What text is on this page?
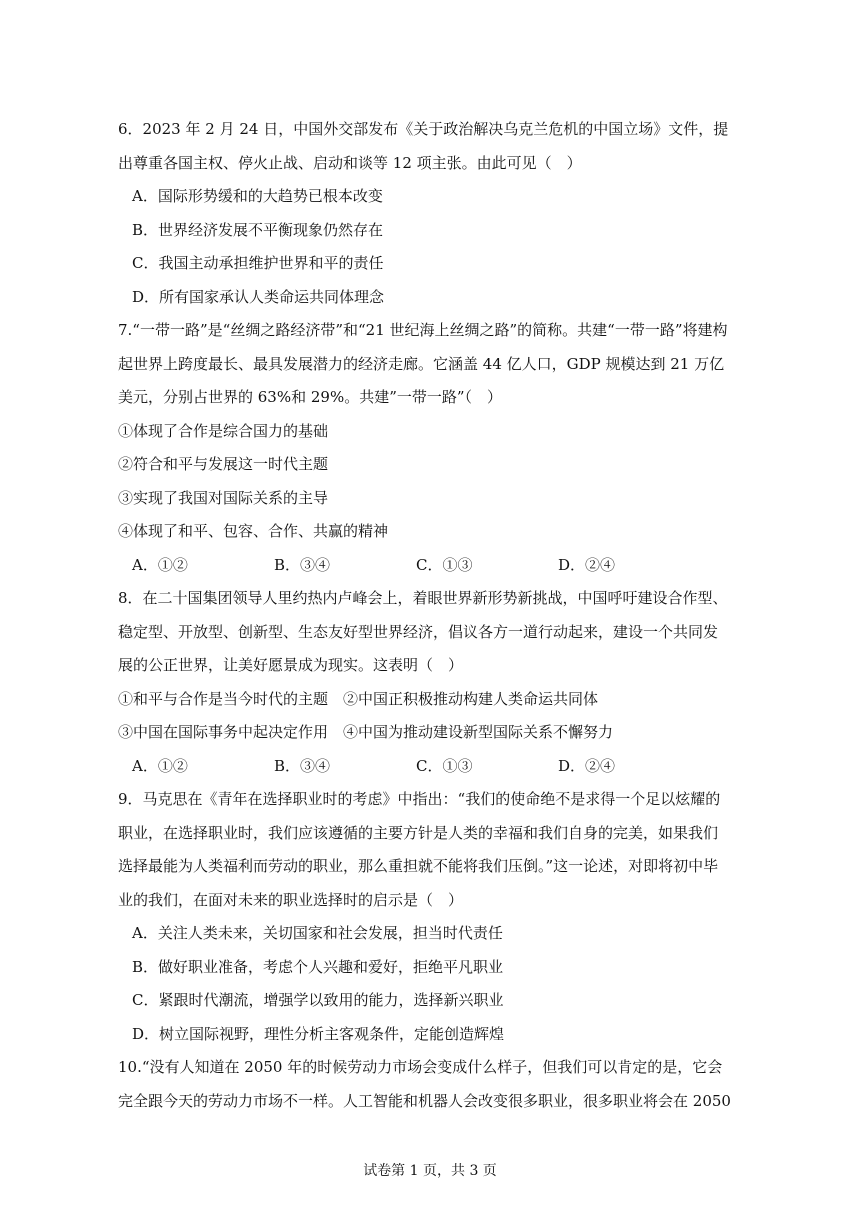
6．2023 年 2 月 24 日，中国外交部发布《关于政治解决乌克兰危机的中国立场》文件，提
出尊重各国主权、停火止战、启动和谈等 12 项主张。由此可见（　）
A．国际形势缓和的大趋势已根本改变
B．世界经济发展不平衡现象仍然存在
C．我国主动承担维护世界和平的责任
D．所有国家承认人类命运共同体理念
7.“一带一路”是“丝绸之路经济带”和“21 世纪海上丝绸之路”的简称。共建“一带一路”将建构
起世界上跨度最长、最具发展潜力的经济走廊。它涵盖 44 亿人口，GDP 规模达到 21 万亿
美元，分别占世界的 63%和 29%。共建”一带一路”（　）
①体现了合作是综合国力的基础
②符合和平与发展这一时代主题
③实现了我国对国际关系的主导
④体现了和平、包容、合作、共赢的精神
A．①②	B．③④	C．①③	D．②④
8．在二十国集团领导人里约热内卢峰会上，着眼世界新形势新挑战，中国呼吁建设合作型、
稳定型、开放型、创新型、生态友好型世界经济，倡议各方一道行动起来，建设一个共同发
展的公正世界，让美好愿景成为现实。这表明（　）
①和平与合作是当今时代的主题　②中国正积极推动构建人类命运共同体
③中国在国际事务中起决定作用　④中国为推动建设新型国际关系不懈努力
A．①②	B．③④	C．①③	D．②④
9．马克思在《青年在选择职业时的考虑》中指出：“我们的使命绝不是求得一个足以炫耀的
职业，在选择职业时，我们应该遵循的主要方针是人类的幸福和我们自身的完美，如果我们
选择最能为人类福利而劳动的职业，那么重担就不能将我们压倒。”这一论述，对即将初中毕
业的我们，在面对未来的职业选择时的启示是（　）
A．关注人类未来，关切国家和社会发展，担当时代责任
B．做好职业准备，考虑个人兴趣和爱好，拒绝平凡职业
C．紧跟时代潮流，增强学以致用的能力，选择新兴职业
D．树立国际视野，理性分析主客观条件，定能创造辉煌
10.“没有人知道在 2050 年的时候劳动力市场会变成什么样子，但我们可以肯定的是，它会
完全跟今天的劳动力市场不一样。人工智能和机器人会改变很多职业，很多职业将会在 2050
试卷第 1 页，共 3 页
